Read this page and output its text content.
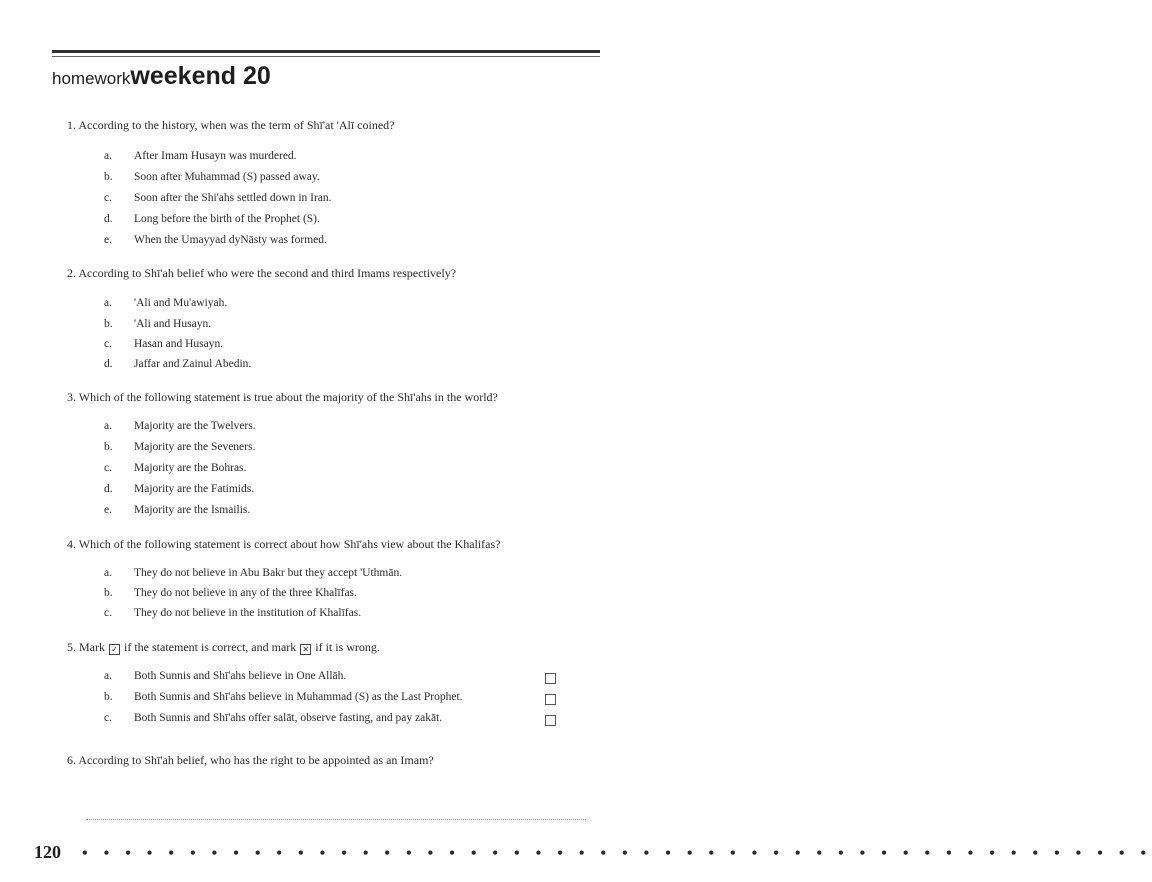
homeworkweekend 20
1. According to the history, when was the term of Shī'at 'Alī coined?
a. After Imam Husayn was murdered.
b. Soon after Muhammad (S) passed away.
c. Soon after the Shi'ahs settled down in Iran.
d. Long before the birth of the Prophet (S).
e. When the Umayyad dyNāsty was formed.
2. According to Shī'ah belief who were the second and third Imams respectively?
a. 'Ali and Mu'awiyah.
b. 'Ali and Husayn.
c. Hasan and Husayn.
d. Jaffar and Zainul Abedin.
3. Which of the following statement is true about the majority of the Shī'ahs in the world?
a. Majority are the Twelvers.
b. Majority are the Seveners.
c. Majority are the Bohras.
d. Majority are the Fatimids.
e. Majority are the Ismailis.
4. Which of the following statement is correct about how Shī'ahs view about the Khalifas?
a. They do not believe in Abu Bakr but they accept 'Uthmān.
b. They do not believe in any of the three Khalīfas.
c. They do not believe in the institution of Khalīfas.
5. Mark ✓ if the statement is correct, and mark ✕ if it is wrong.
a. Both Sunnis and Shī'ahs believe in One Allāh.
b. Both Sunnis and Shī'ahs believe in Muhammad (S) as the Last Prophet.
c. Both Sunnis and Shī'ahs offer salāt, observe fasting, and pay zakāt.
6. According to Shī'ah belief, who has the right to be appointed as an Imam?
120 • • • • • • • • • • • • • • • • • • • • • • • • • • • • • • • • • • • • • • • • • • • • • • • • • •
